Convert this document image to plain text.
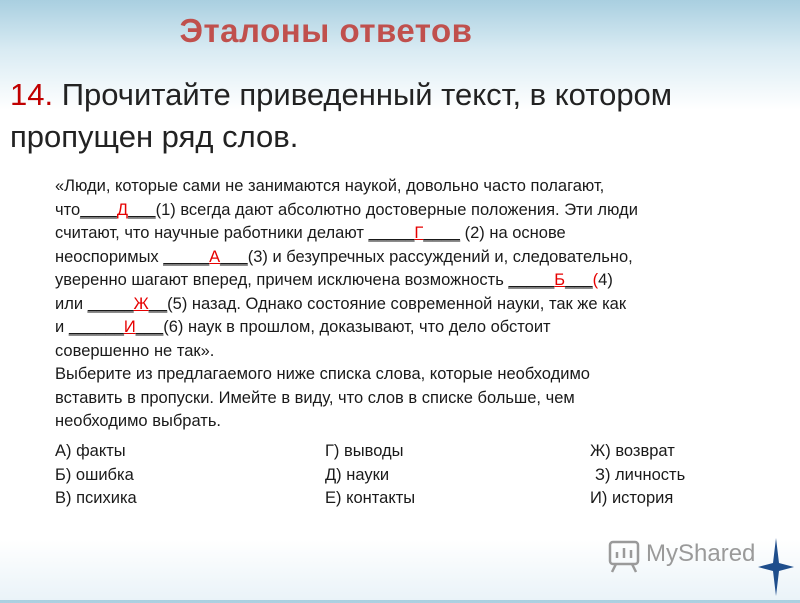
Эталоны ответов
14. Прочитайте приведенный текст, в котором
пропущен ряд слов.
«Люди, которые сами не занимаются наукой, довольно часто полагают,
что____Д___(1) всегда дают абсолютно достоверные положения. Эти люди
считают, что научные работники делают _____Г____ (2) на основе
неоспоримых _____А___(3) и безупречных рассуждений и, следовательно,
уверенно шагают вперед, причем исключена возможность _____Б___(4)
или _____Ж__(5) назад. Однако состояние современной науки, так же как
и ______И___(6) наук в прошлом, доказывают, что дело обстоит
совершенно не так».
Выберите из предлагаемого ниже списка слова, которые необходимо
вставить в пропуски. Имейте в виду, что слов в списке больше, чем
необходимо выбрать.
А) факты	Г) выводы	Ж) возврат
Б) ошибка	Д) науки	З) личность
В) психика	Е) контакты	И) история
MyShared
